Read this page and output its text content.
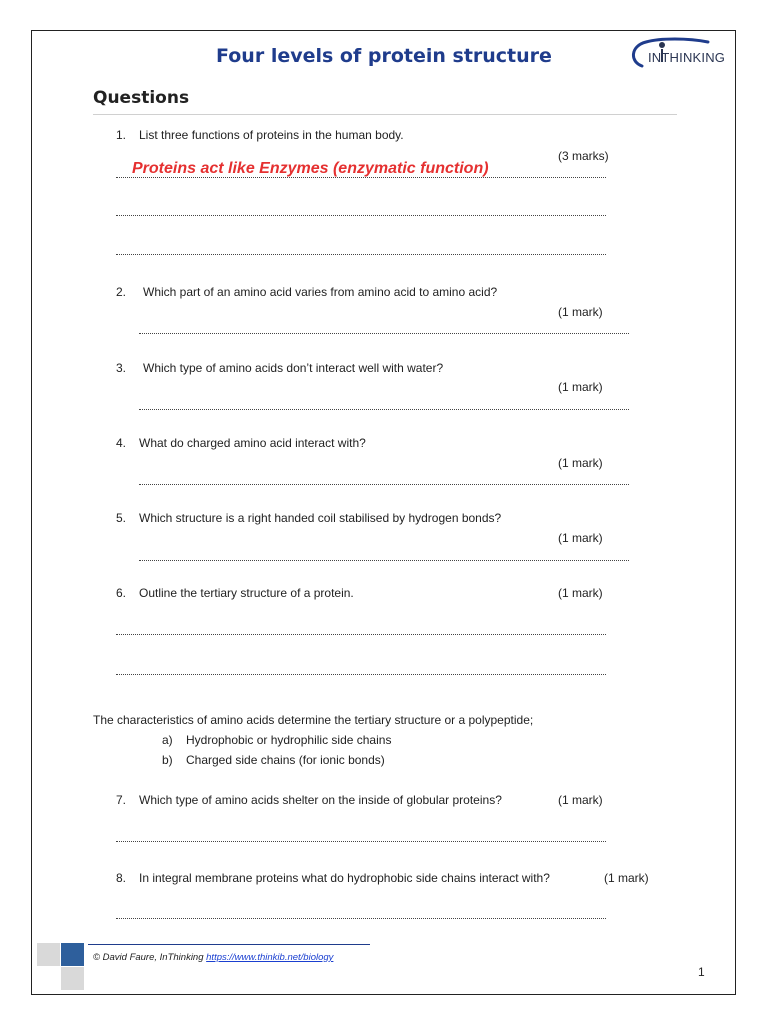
Four levels of protein structure	INTHINKING
Questions
1. List three functions of proteins in the human body.
(3 marks)
Proteins act like Enzymes (enzymatic function)
2. Which part of an amino acid varies from amino acid to amino acid?
(1 mark)
3. Which type of amino acids don’t interact well with water?
(1 mark)
4. What do charged amino acid interact with?
(1 mark)
5. Which structure is a right handed coil stabilised by hydrogen bonds?
(1 mark)
6. Outline the tertiary structure of a protein.	(1 mark)
The characteristics of amino acids determine the tertiary structure or a polypeptide;
a) Hydrophobic or hydrophilic side chains
b) Charged side chains (for ionic bonds)
7. Which type of amino acids shelter on the inside of globular proteins?	(1 mark)
8. In integral membrane proteins what do hydrophobic side chains interact with?	(1 mark)
© David Faure, InThinking https://www.thinkib.net/biology
1
